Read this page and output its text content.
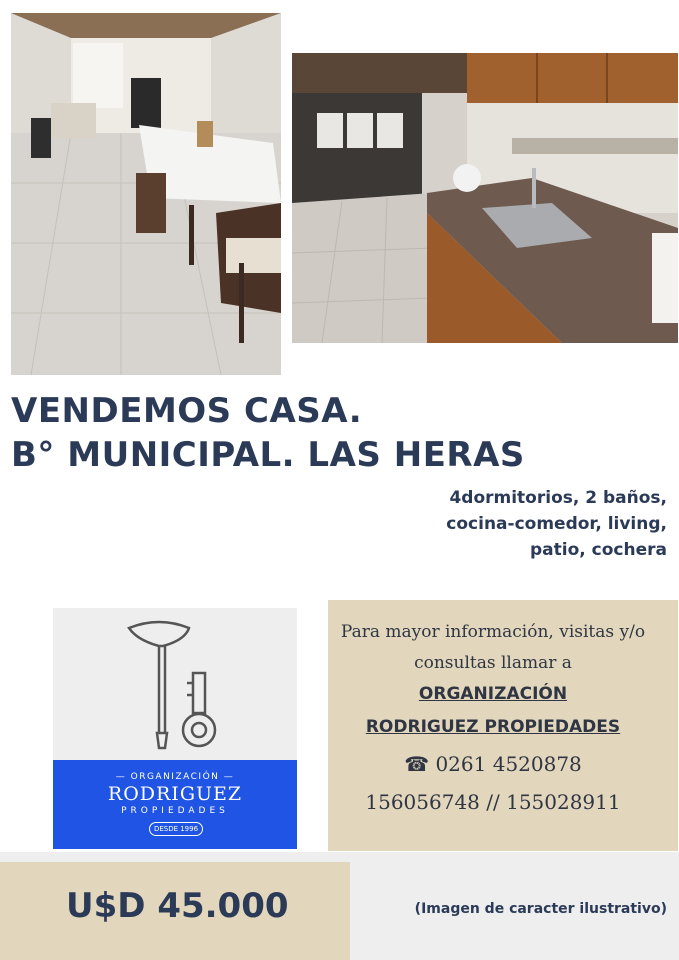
VENDEMOS CASA.
B° MUNICIPAL. LAS HERAS
4dormitorios, 2 baños,
cocina-comedor, living,
patio, cochera
— ORGANIZACIÓN —
RODRIGUEZ
PROPIEDADES
DESDE 1996
Para mayor información, visitas y/o
consultas llamar a
ORGANIZACIÓN
RODRIGUEZ PROPIEDADES
☎ 0261 4520878
156056748 // 155028911
U$D 45.000	(Imagen de caracter ilustrativo)
